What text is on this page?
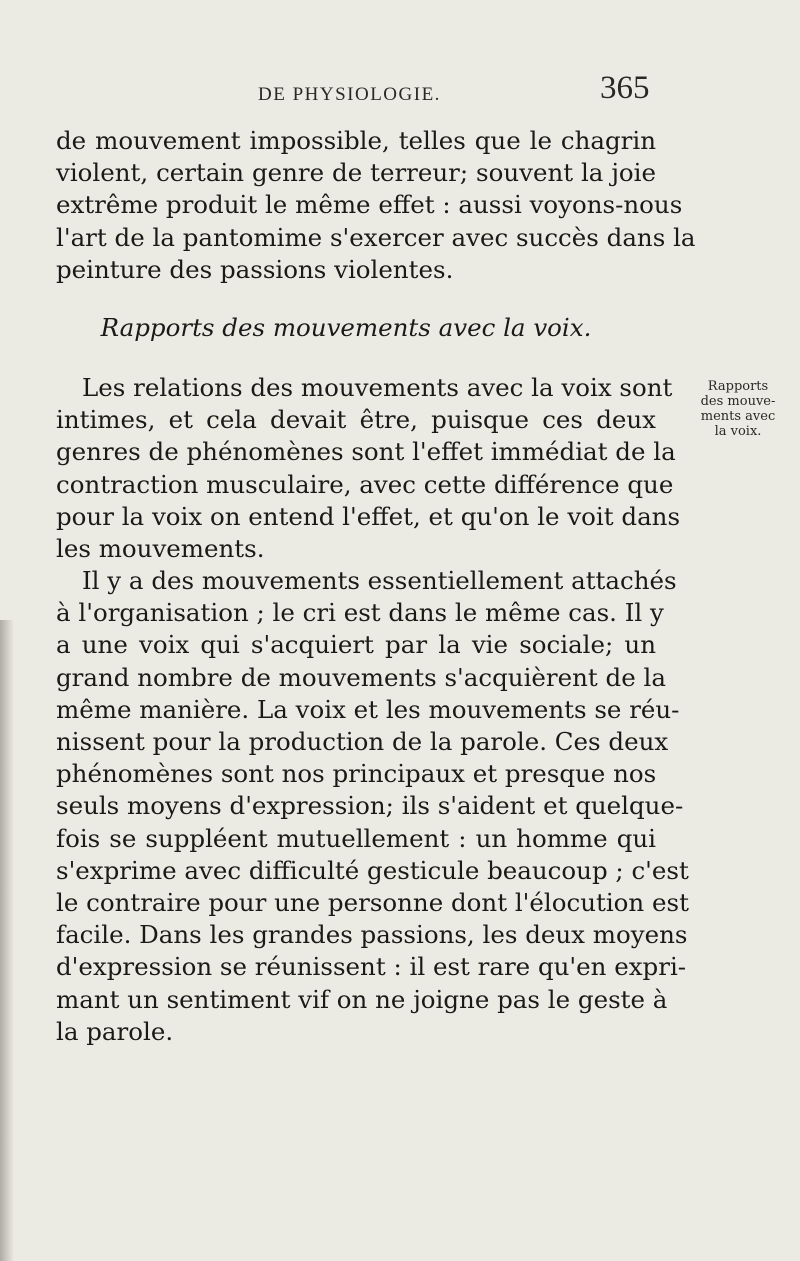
DE PHYSIOLOGIE.	365
de mouvement impossible, telles que le chagrin
violent, certain genre de terreur; souvent la joie
extrême produit le même effet : aussi voyons-nous
l'art de la pantomime s'exercer avec succès dans la
peinture des passions violentes.
Rapports des mouvements avec la voix.
Les relations des mouvements avec la voix sont
intimes, et cela devait être, puisque ces deux
genres de phénomènes sont l'effet immédiat de la
contraction musculaire, avec cette différence que
pour la voix on entend l'effet, et qu'on le voit dans
les mouvements.
Il y a des mouvements essentiellement attachés
à l'organisation ; le cri est dans le même cas. Il y
a une voix qui s'acquiert par la vie sociale; un
grand nombre de mouvements s'acquièrent de la
même manière. La voix et les mouvements se réu-
nissent pour la production de la parole. Ces deux
phénomènes sont nos principaux et presque nos
seuls moyens d'expression; ils s'aident et quelque-
fois se suppléent mutuellement : un homme qui
s'exprime avec difficulté gesticule beaucoup ; c'est
le contraire pour une personne dont l'élocution est
facile. Dans les grandes passions, les deux moyens
d'expression se réunissent : il est rare qu'en expri-
mant un sentiment vif on ne joigne pas le geste à
la parole.
Rapports
des mouve-
ments avec
la voix.
